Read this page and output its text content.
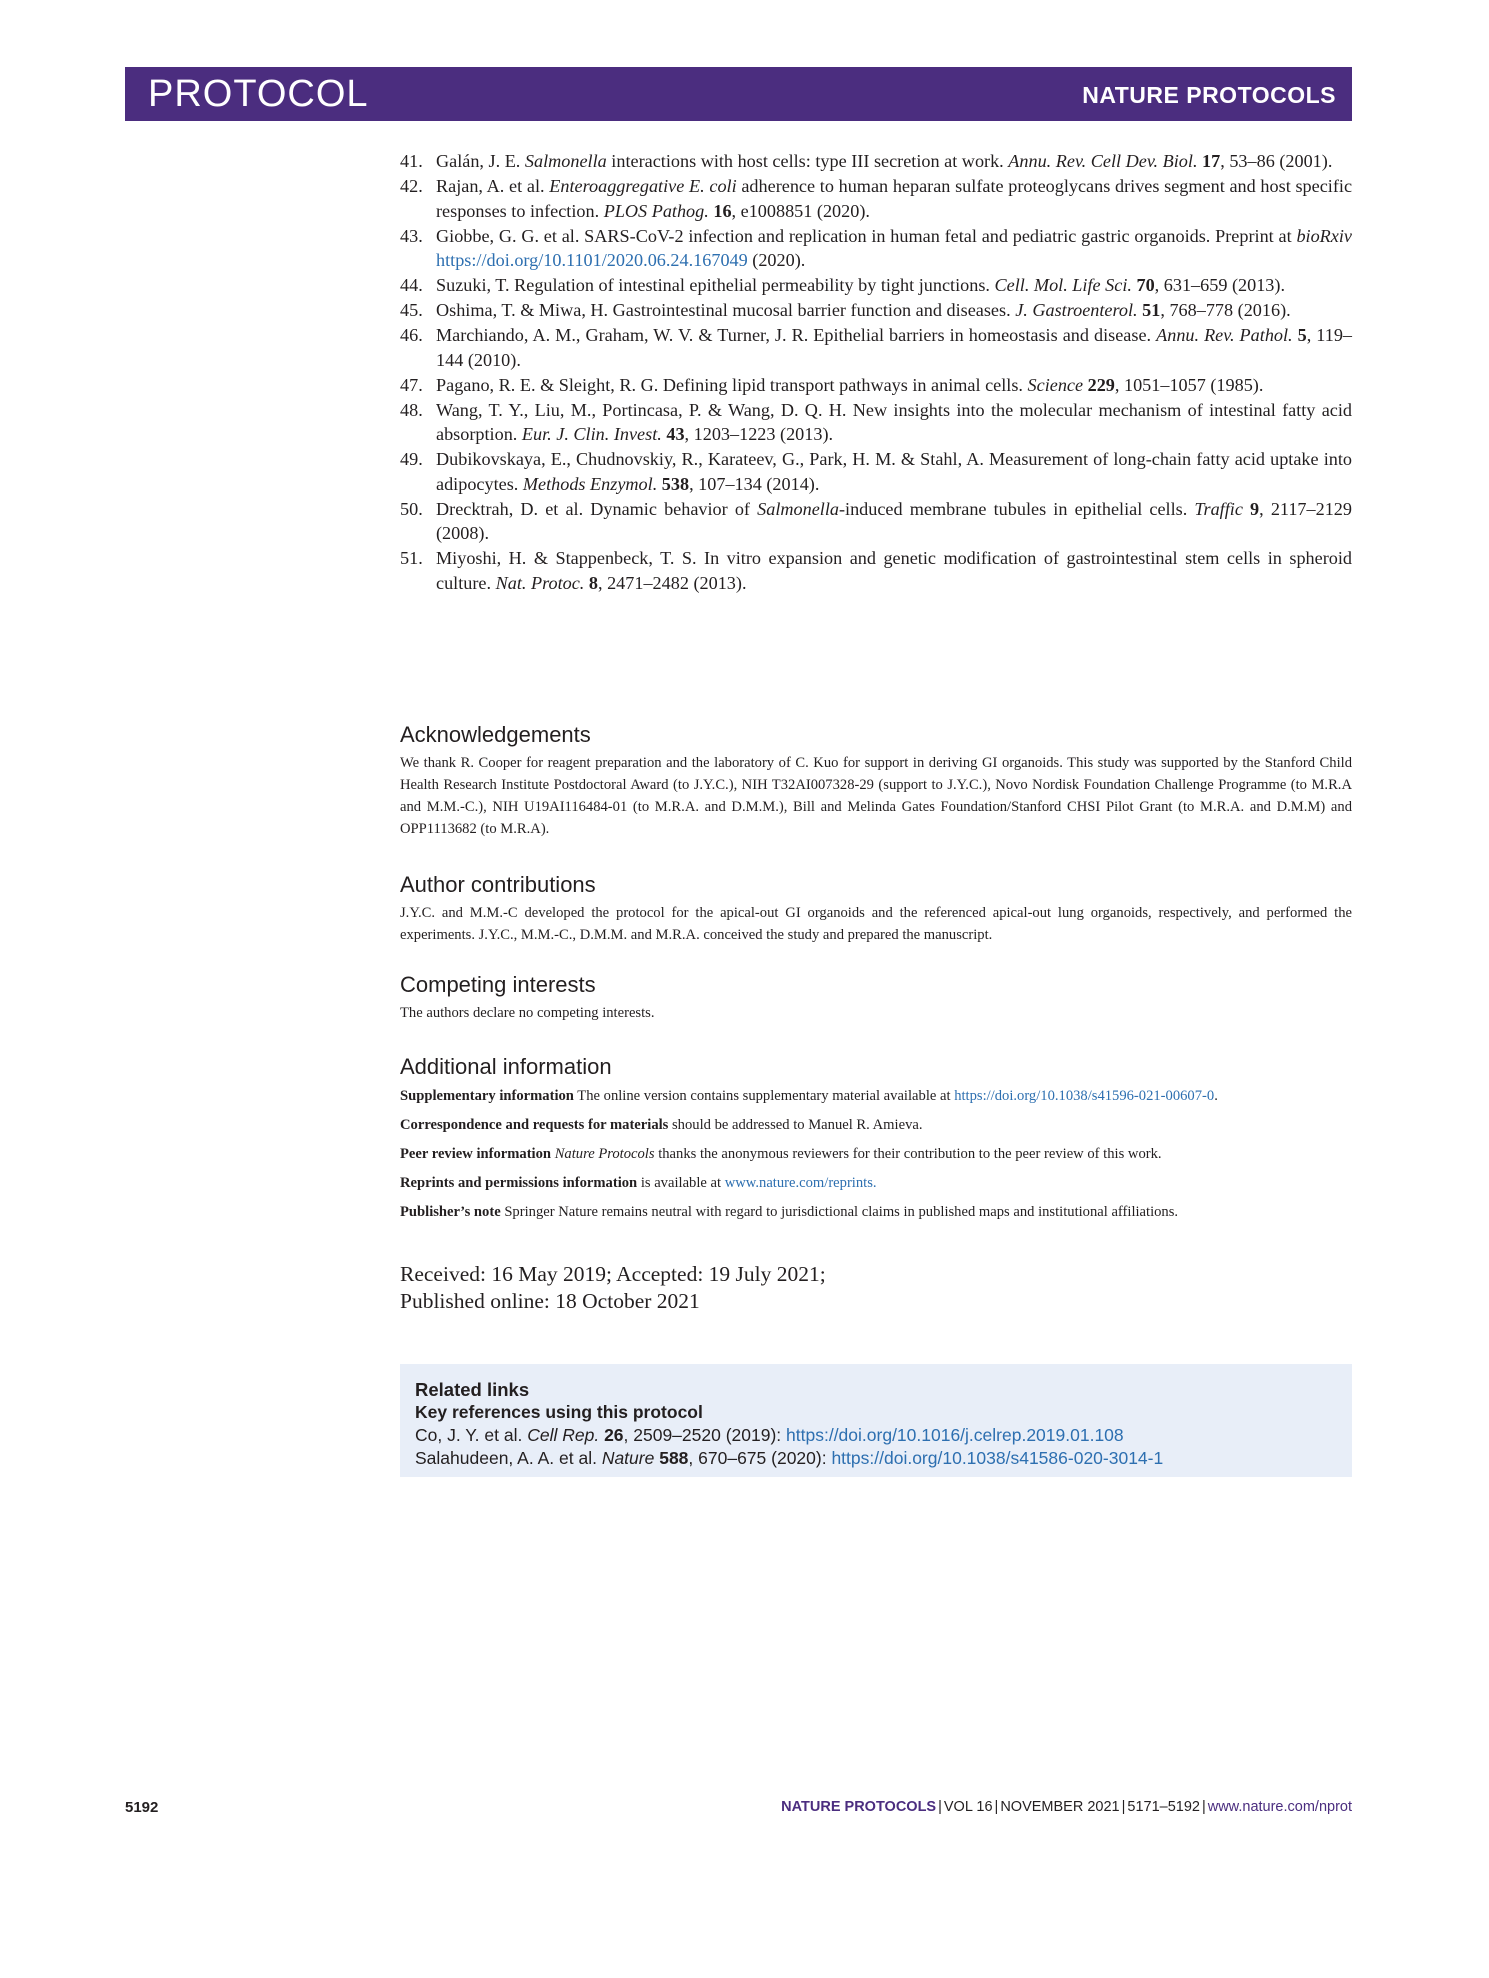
PROTOCOL	NATURE PROTOCOLS
41. Galán, J. E. Salmonella interactions with host cells: type III secretion at work. Annu. Rev. Cell Dev. Biol. 17, 53–86 (2001).
42. Rajan, A. et al. Enteroaggregative E. coli adherence to human heparan sulfate proteoglycans drives segment and host specific responses to infection. PLOS Pathog. 16, e1008851 (2020).
43. Giobbe, G. G. et al. SARS-CoV-2 infection and replication in human fetal and pediatric gastric organoids. Preprint at bioRxiv https://doi.org/10.1101/2020.06.24.167049 (2020).
44. Suzuki, T. Regulation of intestinal epithelial permeability by tight junctions. Cell. Mol. Life Sci. 70, 631–659 (2013).
45. Oshima, T. & Miwa, H. Gastrointestinal mucosal barrier function and diseases. J. Gastroenterol. 51, 768–778 (2016).
46. Marchiando, A. M., Graham, W. V. & Turner, J. R. Epithelial barriers in homeostasis and disease. Annu. Rev. Pathol. 5, 119–144 (2010).
47. Pagano, R. E. & Sleight, R. G. Defining lipid transport pathways in animal cells. Science 229, 1051–1057 (1985).
48. Wang, T. Y., Liu, M., Portincasa, P. & Wang, D. Q. H. New insights into the molecular mechanism of intestinal fatty acid absorption. Eur. J. Clin. Invest. 43, 1203–1223 (2013).
49. Dubikovskaya, E., Chudnovskiy, R., Karateev, G., Park, H. M. & Stahl, A. Measurement of long-chain fatty acid uptake into adipocytes. Methods Enzymol. 538, 107–134 (2014).
50. Drecktrah, D. et al. Dynamic behavior of Salmonella-induced membrane tubules in epithelial cells. Traffic 9, 2117–2129 (2008).
51. Miyoshi, H. & Stappenbeck, T. S. In vitro expansion and genetic modification of gastrointestinal stem cells in spheroid culture. Nat. Protoc. 8, 2471–2482 (2013).
Acknowledgements

We thank R. Cooper for reagent preparation and the laboratory of C. Kuo for support in deriving GI organoids. This study was supported by the Stanford Child Health Research Institute Postdoctoral Award (to J.Y.C.), NIH T32AI007328-29 (support to J.Y.C.), Novo Nordisk Foundation Challenge Programme (to M.R.A and M.M.-C.), NIH U19AI116484-01 (to M.R.A. and D.M.M.), Bill and Melinda Gates Foundation/Stanford CHSI Pilot Grant (to M.R.A. and D.M.M) and OPP1113682 (to M.R.A).

Author contributions

J.Y.C. and M.M.-C developed the protocol for the apical-out GI organoids and the referenced apical-out lung organoids, respectively, and performed the experiments. J.Y.C., M.M.-C., D.M.M. and M.R.A. conceived the study and prepared the manuscript.

Competing interests

The authors declare no competing interests.

Additional information

Supplementary information The online version contains supplementary material available at https://doi.org/10.1038/s41596-021-00607-0.

Correspondence and requests for materials should be addressed to Manuel R. Amieva.

Peer review information Nature Protocols thanks the anonymous reviewers for their contribution to the peer review of this work.

Reprints and permissions information is available at www.nature.com/reprints.

Publisher’s note Springer Nature remains neutral with regard to jurisdictional claims in published maps and institutional affiliations.

Received: 16 May 2019; Accepted: 19 July 2021;
Published online: 18 October 2021
Related links
Key references using this protocol
Co, J. Y. et al. Cell Rep. 26, 2509–2520 (2019): https://doi.org/10.1016/j.celrep.2019.01.108
Salahudeen, A. A. et al. Nature 588, 670–675 (2020): https://doi.org/10.1038/s41586-020-3014-1
5192	NATURE PROTOCOLS | VOL 16 | NOVEMBER 2021 | 5171–5192 | www.nature.com/nprot
